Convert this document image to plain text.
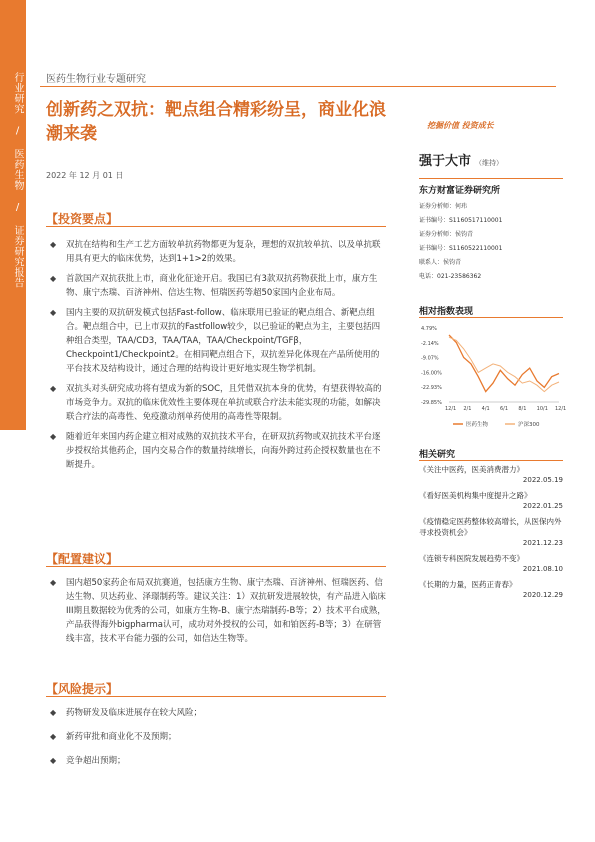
行业研究 / 医药生物 / 证券研究报告 医药生物行业专题研究
创新药之双抗：靶点组合精彩纷呈，商业化浪潮来袭
2022 年 12 月 01 日
挖掘价值 投资成长
强于大市 （维持）
东方财富证券研究所
证券分析师：何玮
证书编号：S1160517110001
证券分析师：侯钧青
证书编号：S1160522110001
联系人：侯钧青
电话：021-23586362
相对指数表现
4.79%
-2.14%
-9.07%
-16.00%
-22.93%
-29.85%
12/1 2/1 4/1 6/1 8/1 10/1 12/1
医药生物	沪深300
相关研究
《关注中医药，医美消费潜力》
2022.05.19
《看好医美机构集中度提升之路》
2022.01.25
《疫情稳定医药整体较高增长，从医保内外寻求投资机会》
2021.12.23
《连锁专科医院发展趋势不变》
2021.08.10
《长期的力量，医药正青春》
2020.12.29
【投资要点】
◆ 双抗在结构和生产工艺方面较单抗药物都更为复杂，理想的双抗较单抗、以及单抗联用具有更大的临床优势，达到1+1>2的效果。
◆ 首款国产双抗获批上市，商业化征途开启。我国已有3款双抗药物获批上市，康方生物、康宁杰瑞、百济神州、信达生物、恒瑞医药等超50家国内企业布局。
◆ 国内主要的双抗研发模式包括Fast-follow、临床联用已验证的靶点组合、新靶点组合。靶点组合中，已上市双抗的Fastfollow较少，以已验证的靶点为主，主要包括四种组合类型，TAA/CD3，TAA/TAA，TAA/Checkpoint/TGFβ，Checkpoint1/Checkpoint2。在相同靶点组合下，双抗差异化体现在产品所使用的平台技术及结构设计，通过合理的结构设计更好地实现生物学机制。
◆ 双抗头对头研究成功将有望成为新的SOC，且凭借双抗本身的优势，有望获得较高的市场竞争力。双抗的临床优效性主要体现在单抗或联合疗法未能实现的功能，如解决联合疗法的高毒性、免疫激动剂单药使用的高毒性等限制。
◆ 随着近年来国内药企建立相对成熟的双抗技术平台，在研双抗药物或双抗技术平台逐步授权给其他药企，国内交易合作的数量持续增长，向海外跨过药企授权数量也在不断提升。
【配置建议】
◆ 国内超50家药企布局双抗赛道，包括康方生物、康宁杰瑞、百济神州、恒瑞医药、信达生物、贝达药业、泽璟制药等。建议关注：1）双抗研发进展较快，有产品进入临床III期且数据较为优秀的公司，如康方生物-B、康宁杰瑞制药-B等；2）技术平台成熟，产品获得海外bigpharma认可，成功对外授权的公司，如和铂医药-B等；3）在研管线丰富，技术平台能力强的公司，如信达生物等。
【风险提示】
◆ 药物研发及临床进展存在较大风险；
◆ 新药审批和商业化不及预期；
◆ 竞争超出预期；
